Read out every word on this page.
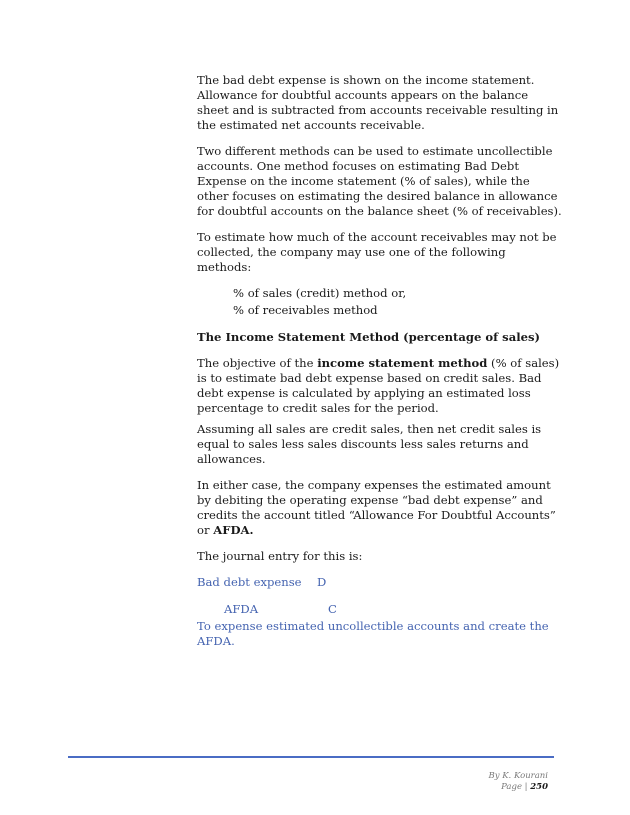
The bad debt expense is shown on the income statement. Allowance for doubtful accounts appears on the balance sheet and is subtracted from accounts receivable resulting in the estimated net accounts receivable.

Two different methods can be used to estimate uncollectible accounts. One method focuses on estimating Bad Debt Expense on the income statement (% of sales), while the other focuses on estimating the desired balance in allowance for doubtful accounts on the balance sheet (% of receivables).

To estimate how much of the account receivables may not be collected, the company may use one of the following methods:

% of sales (credit) method or,
% of receivables method

The Income Statement Method (percentage of sales)

The objective of the income statement method (% of sales) is to estimate bad debt expense based on credit sales. Bad debt expense is calculated by applying an estimated loss percentage to credit sales for the period.

Assuming all sales are credit sales, then net credit sales is equal to sales less sales discounts less sales returns and allowances.

In either case, the company expenses the estimated amount by debiting the operating expense “bad debt expense” and credits the account titled “Allowance For Doubtful Accounts” or AFDA.

The journal entry for this is:

Bad debt expense D
AFDA	C
To expense estimated uncollectible accounts and create the AFDA.
By K. Kourani
Page | 250
